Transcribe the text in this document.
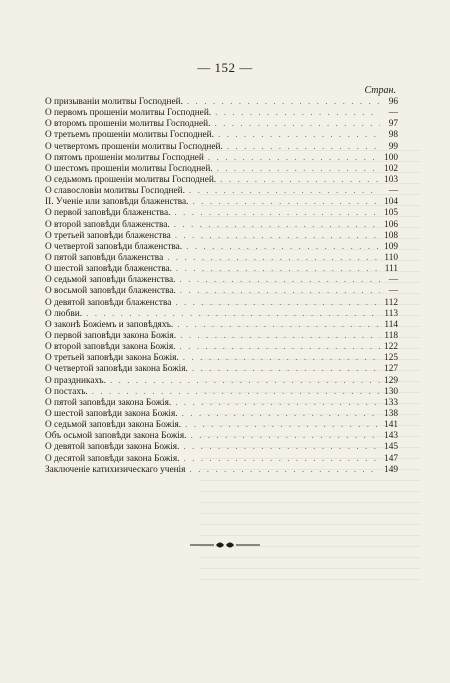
— 152 —
Стран.
О призываніи молитвы Господней. . . .	96
О первомъ прошеніи молитвы Господней. . . .	—
О второмъ прошеніи молитвы Господней. . . .	97
О третьемъ прошеніи молитвы Господней. . . .	98
О четвертомъ прошеніи молитвы Господней. . . .	99
О пятомъ прошеніи молитвы Господней . . .	100
О шестомъ прошеніи молитвы Господней. . . .	102
О седьмомъ прошеніи молитвы Господней. . . .	103
О славословіи молитвы Господней. . . .	—
II. Ученіе или заповѣди блаженства. . . .	104
О первой заповѣди блаженства. . . .	105
О второй заповѣди блаженства. . . .	106
О третьей заповѣди блаженства . . .	108
О четвертой заповѣди блаженства. . . .	109
О пятой заповѣди блаженства . . .	110
О шестой заповѣди блаженства. . . .	111
О седьмой заповѣди блаженства. . . .	—
О восьмой заповѣди блаженства. . . .	—
О девятой заповѣди блаженства . . .	112
О любви. . . .	113
О законѣ Божіемъ и заповѣдяхъ. . . .	114
О первой заповѣди закона Божія. . . .	118
О второй заповѣди закона Божія. . . .	122
О третьей заповѣди закона Божія. . . .	125
О четвертой заповѣди закона Божія. . . .	127
О праздникахъ. . . .	129
О постахъ. . . .	130
О пятой заповѣди закона Божія. . . .	133
О шестой заповѣди закона Божія. . . .	138
О седьмой заповѣди закона Божія. . . .	141
Объ осьмой заповѣди закона Божія. . . .	143
О девятой заповѣди закона Божія. . . .	145
О десятой заповѣди закона Божія. . . .	147
Заключеніе катихизическаго ученія . . .	149
